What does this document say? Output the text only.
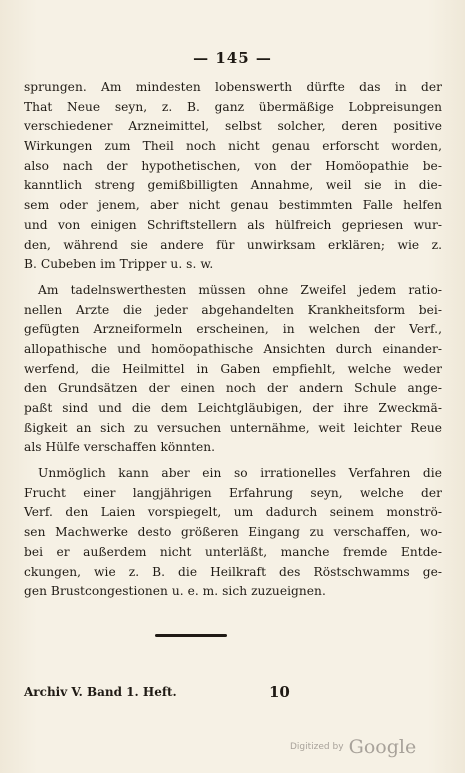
— 145 —
sprungen. Am mindesten lobenswerth dürfte das in der
That Neue seyn, z. B. ganz übermäßige Lobpreisungen
verschiedener Arzneimittel, selbst solcher, deren positive
Wirkungen zum Theil noch nicht genau erforscht worden,
also nach der hypothetischen, von der Homöopathie be-
kanntlich streng gemißbilligten Annahme, weil sie in die-
sem oder jenem, aber nicht genau bestimmten Falle helfen
und von einigen Schriftstellern als hülfreich gepriesen wur-
den, während sie andere für unwirksam erklären; wie z.
B. Cubeben im Tripper u. s. w.
Am tadelnswerthesten müssen ohne Zweifel jedem ratio-
nellen Arzte die jeder abgehandelten Krankheitsform bei-
gefügten Arzneiformeln erscheinen, in welchen der Verf.,
allopathische und homöopathische Ansichten durch einander-
werfend, die Heilmittel in Gaben empfiehlt, welche weder
den Grundsätzen der einen noch der andern Schule ange-
paßt sind und die dem Leichtgläubigen, der ihre Zweckmä-
ßigkeit an sich zu versuchen unternähme, weit leichter Reue
als Hülfe verschaffen könnten.
Unmöglich kann aber ein so irrationelles Verfahren die
Frucht einer langjährigen Erfahrung seyn, welche der
Verf. den Laien vorspiegelt, um dadurch seinem monströ-
sen Machwerke desto größeren Eingang zu verschaffen, wo-
bei er außerdem nicht unterläßt, manche fremde Entde-
ckungen, wie z. B. die Heilkraft des Röstschwamms ge-
gen Brustcongestionen u. e. m. sich zuzueignen.
Archiv V. Band 1. Heft.	10
Digitized by Google
